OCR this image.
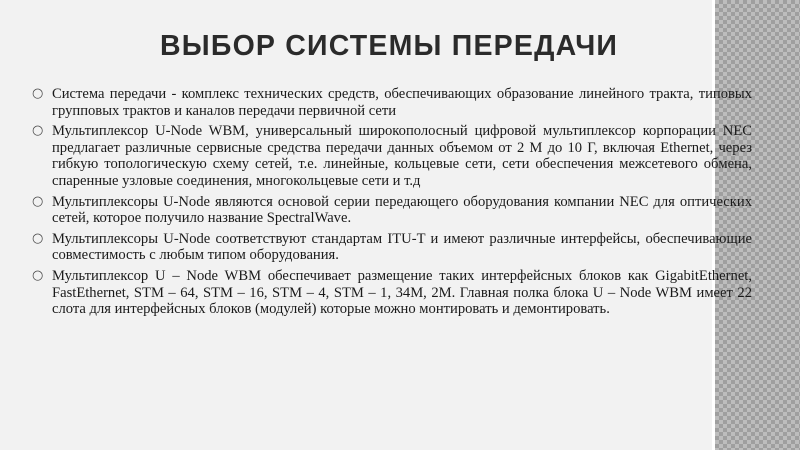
ВЫБОР СИСТЕМЫ ПЕРЕДАЧИ
○ Система передачи - комплекс технических средств, обеспечивающих образование линейного тракта, типовых групповых трактов и каналов передачи первичной сети
○ Мультиплексор U-Node WBM, универсальный широкополосный цифровой мультиплексор корпорации NEC предлагает различные сервисные средства передачи данных объемом от 2 М до 10 Г, включая Ethernet, через гибкую топологическую схему сетей, т.е. линейные, кольцевые сети, сети обеспечения межсетевого обмена, спаренные узловые соединения, многокольцевые сети и т.д
○ Мультиплексоры U-Node являются основой серии передающего оборудования компании NEC для оптических сетей, которое получило название SpectralWave.
○ Мультиплексоры U-Node соответствуют стандартам ITU-T и имеют различные интерфейсы, обеспечивающие совместимость с любым типом оборудования.
○ Мультиплексор U – Node WBM обеспечивает размещение таких интерфейсных блоков как GigabitEthernet, FastEthernet, STM – 64, STM – 16, STM – 4, STM – 1, 34M, 2M. Главная полка блока U – Node WBM имеет 22 слота для интерфейсных блоков (модулей) которые можно монтировать и демонтировать.
